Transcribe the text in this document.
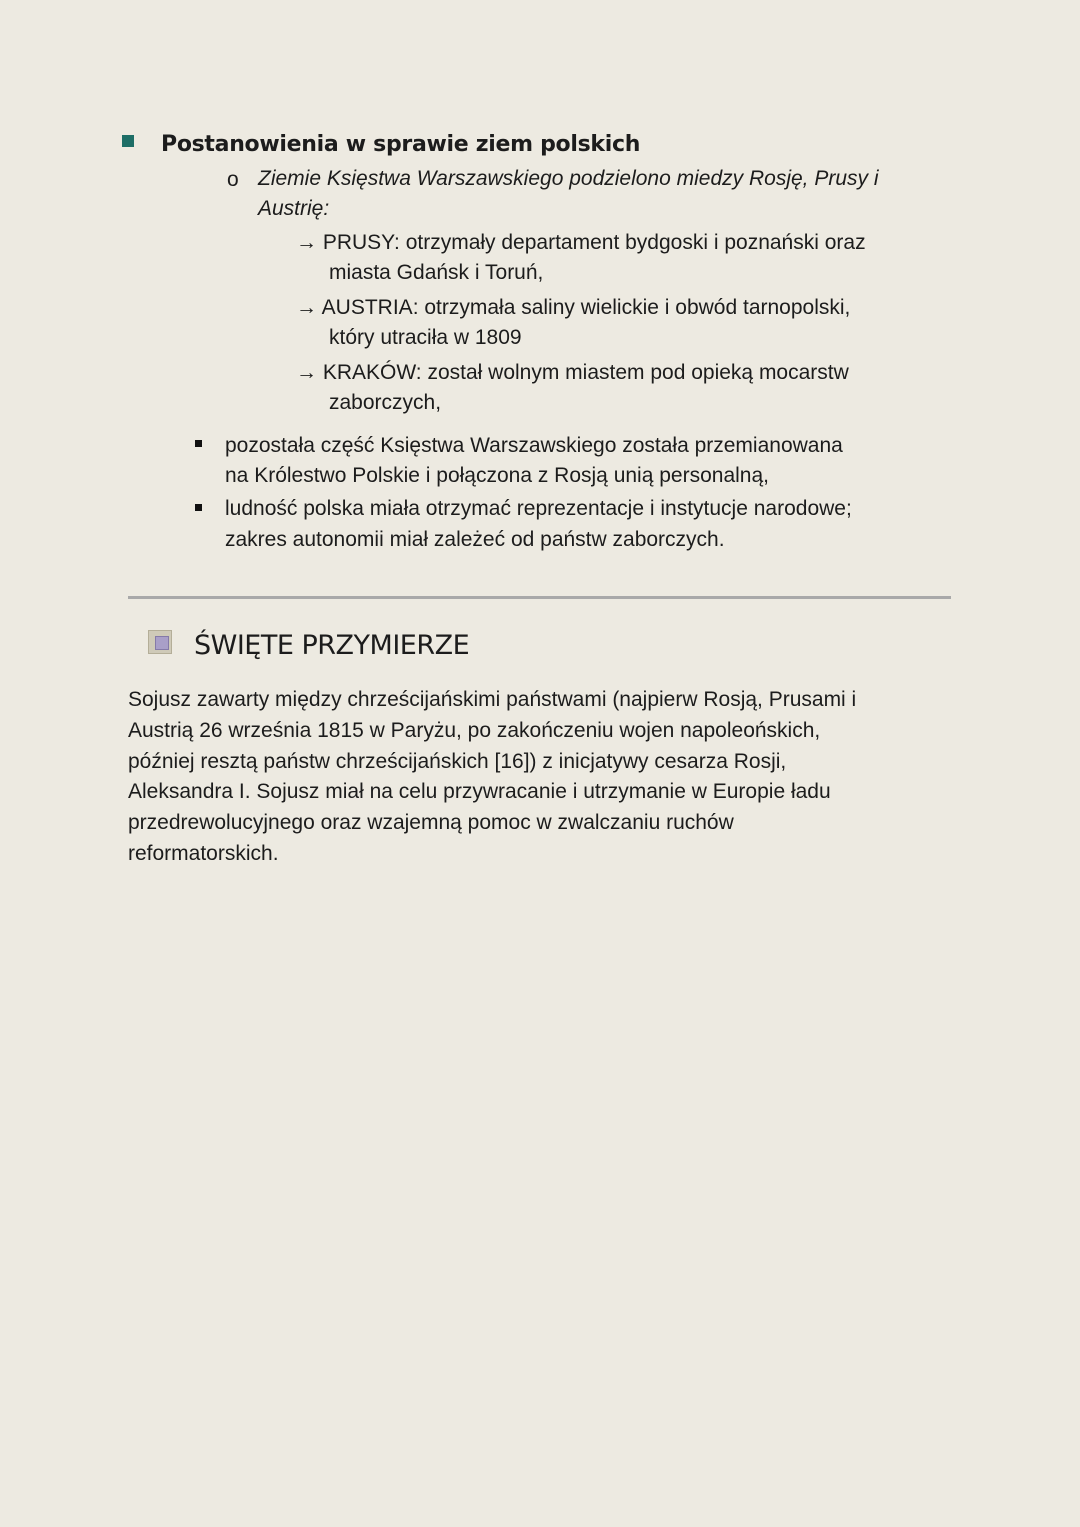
Postanowienia w sprawie ziem polskich
o Ziemie Księstwa Warszawskiego podzielono miedzy Rosję, Prusy i
Austrię:
→ PRUSY: otrzymały departament bydgoski i poznański oraz
miasta Gdańsk i Toruń,
→ AUSTRIA: otrzymała saliny wielickie i obwód tarnopolski,
który utraciła w 1809
→ KRAKÓW: został wolnym miastem pod opieką mocarstw
zaborczych,
pozostała część Księstwa Warszawskiego została przemianowana
na Królestwo Polskie i połączona z Rosją unią personalną,
ludność polska miała otrzymać reprezentacje i instytucje narodowe;
zakres autonomii miał zależeć od państw zaborczych.
ŚWIĘTE PRZYMIERZE
Sojusz zawarty między chrześcijańskimi państwami (najpierw Rosją, Prusami i
Austrią 26 września 1815 w Paryżu, po zakończeniu wojen napoleońskich,
później resztą państw chrześcijańskich [16]) z inicjatywy cesarza Rosji,
Aleksandra I. Sojusz miał na celu przywracanie i utrzymanie w Europie ładu
przedrewolucyjnego oraz wzajemną pomoc w zwalczaniu ruchów
reformatorskich.
